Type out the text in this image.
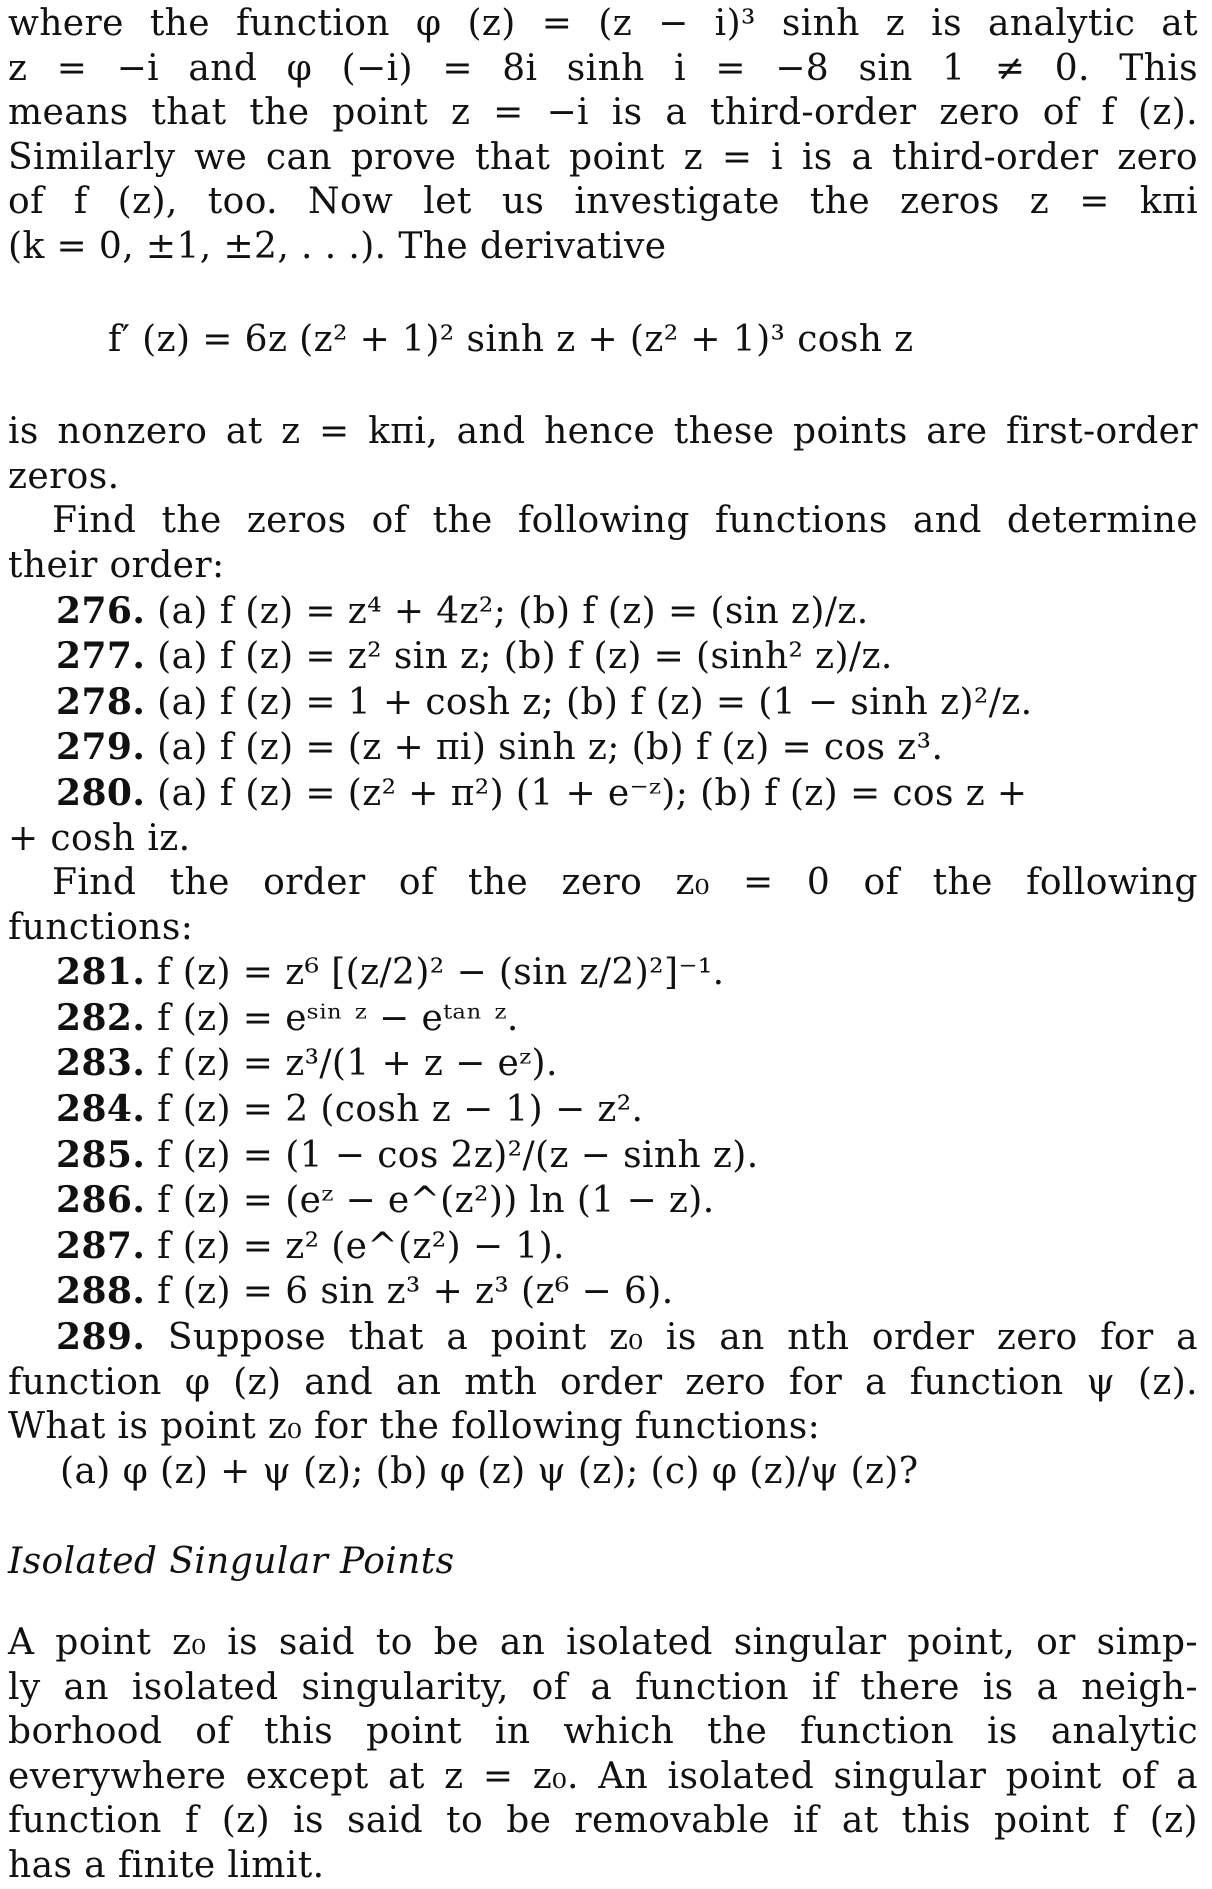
where the function φ (z) = (z − i)³ sinh z is analytic at
z = −i and φ (−i) = 8i sinh i = −8 sin 1 ≠ 0. This
means that the point z = −i is a third-order zero of f (z).
Similarly we can prove that point z = i is a third-order zero
of f (z), too. Now let us investigate the zeros z = kπi
(k = 0, ±1, ±2, . . .). The derivative
f′ (z) = 6z (z² + 1)² sinh z + (z² + 1)³ cosh z
is nonzero at z = kπi, and hence these points are first-order
zeros.
Find the zeros of the following functions and determine
their order:
276. (a) f (z) = z⁴ + 4z²; (b) f (z) = (sin z)/z.
277. (a) f (z) = z² sin z; (b) f (z) = (sinh² z)/z.
278. (a) f (z) = 1 + cosh z; (b) f (z) = (1 − sinh z)²/z.
279. (a) f (z) = (z + πi) sinh z; (b) f (z) = cos z³.
280. (a) f (z) = (z² + π²) (1 + e⁻ᶻ); (b) f (z) = cos z +
+ cosh iz.
Find the order of the zero z₀ = 0 of the following
functions:
281. f (z) = z⁶ [(z/2)² − (sin z/2)²]⁻¹.
282. f (z) = eˢⁱⁿ ᶻ − eᵗᵃⁿ ᶻ.
283. f (z) = z³/(1 + z − eᶻ).
284. f (z) = 2 (cosh z − 1) − z².
285. f (z) = (1 − cos 2z)²/(z − sinh z).
286. f (z) = (eᶻ − e^(z²)) ln (1 − z).
287. f (z) = z² (e^(z²) − 1).
288. f (z) = 6 sin z³ + z³ (z⁶ − 6).
289. Suppose that a point z₀ is an nth order zero for a
function φ (z) and an mth order zero for a function ψ (z).
What is point z₀ for the following functions:
(a) φ (z) + ψ (z); (b) φ (z) ψ (z); (c) φ (z)/ψ (z)?
Isolated Singular Points
A point z₀ is said to be an isolated singular point, or simp-
ly an isolated singularity, of a function if there is a neigh-
borhood of this point in which the function is analytic
everywhere except at z = z₀. An isolated singular point of a
function f (z) is said to be removable if at this point f (z)
has a finite limit.
